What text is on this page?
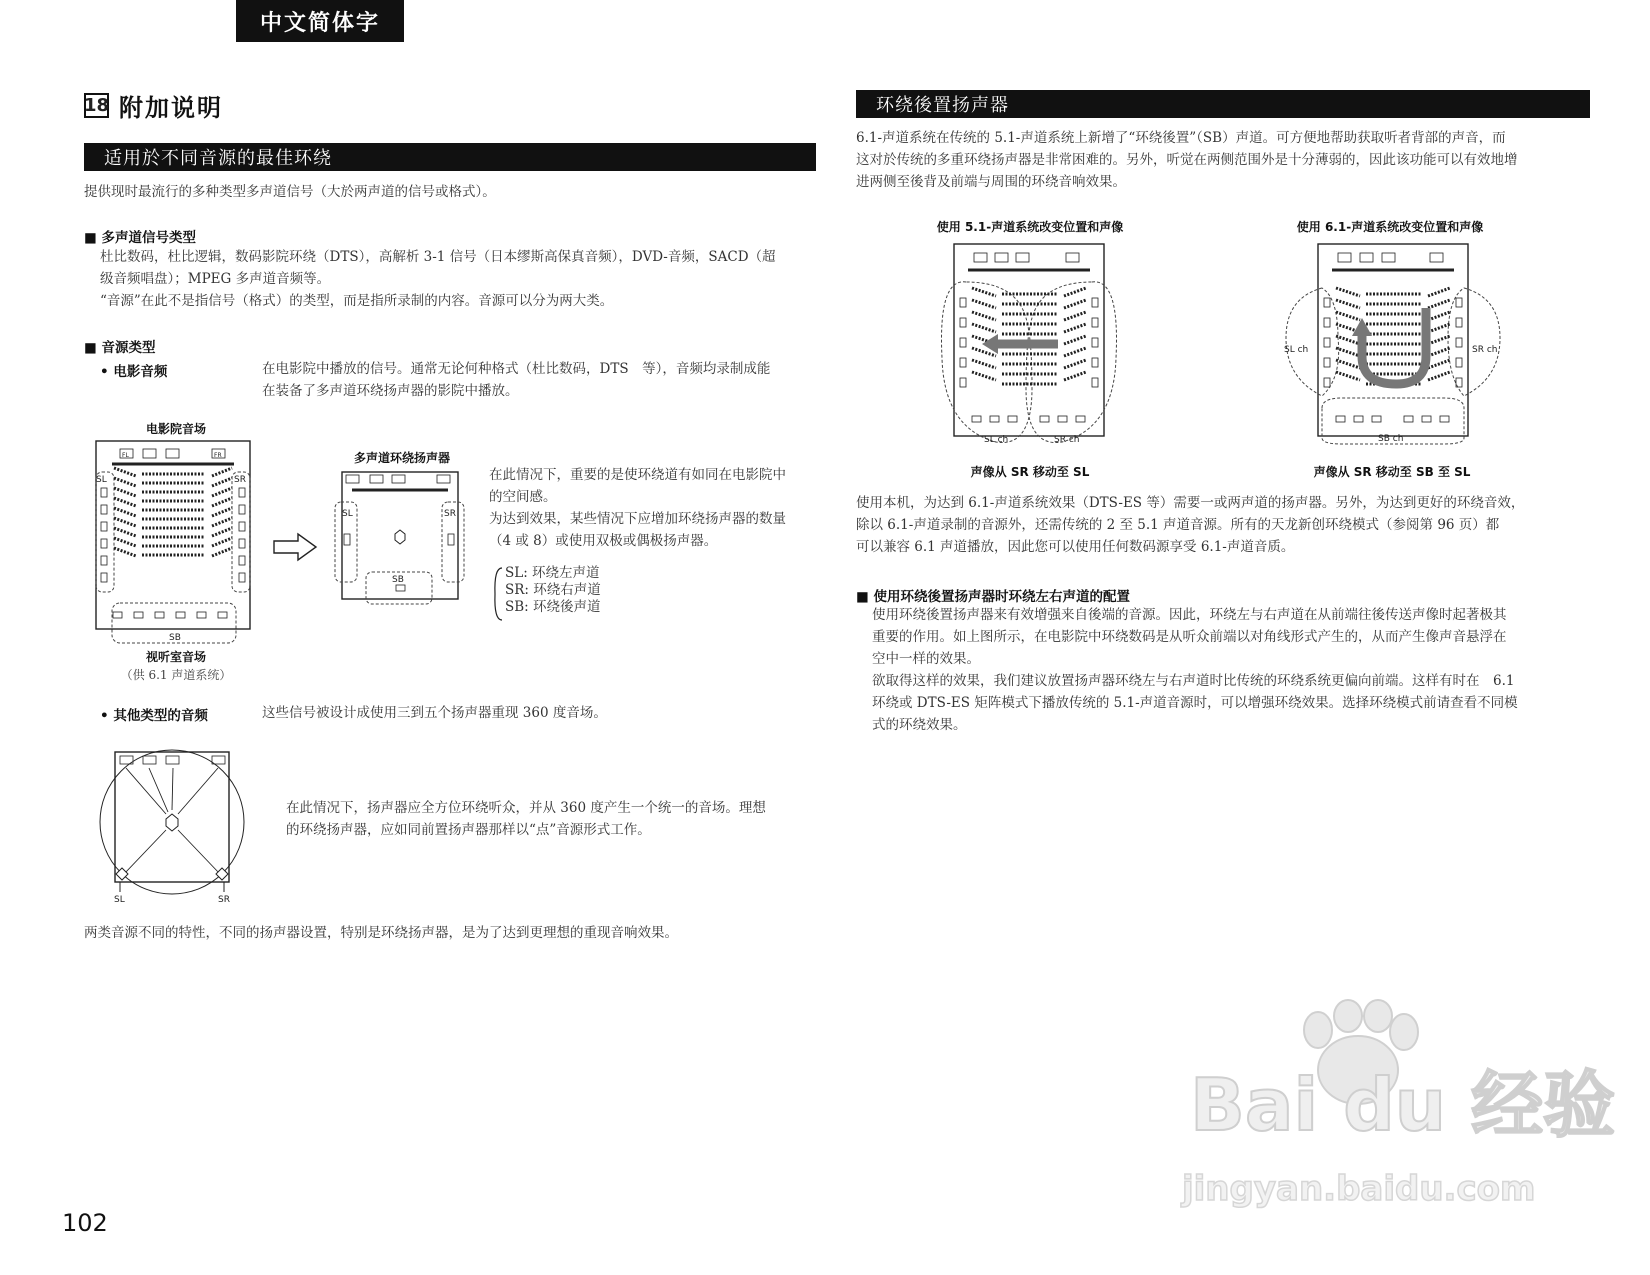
中文简体字
18 附加说明
适用於不同音源的最佳环绕
提供现时最流行的多种类型多声道信号（大於两声道的信号或格式）。
■ 多声道信号类型
杜比数码，杜比逻辑，数码影院环绕（DTS），高解析 3-1 信号（日本缪斯高保真音频），DVD-音频，SACD（超
级音频唱盘）；MPEG 多声道音频等。
“音源”在此不是指信号（格式）的类型，而是指所录制的内容。音源可以分为两大类。
■ 音源类型
• 电影音频	在电影院中播放的信号。通常无论何种格式（杜比数码，DTS　等），音频均录制成能
在装备了多声道环绕扬声器的影院中播放。
电影院音场
FL	FR
SL	SR
SB
视听室音场
（供 6.1 声道系统）
多声道环绕扬声器
SL	SR
SB
在此情况下，重要的是使环绕道有如同在电影院中
的空间感。
为达到效果，某些情况下应增加环绕扬声器的数量
（4 或 8）或使用双极或偶极扬声器。
SL: 环绕左声道
SR: 环绕右声道
SB: 环绕後声道
• 其他类型的音频	这些信号被设计成使用三到五个扬声器重现 360 度音场。
SL	SR
在此情况下，扬声器应全方位环绕听众，并从 360 度产生一个统一的音场。理想
的环绕扬声器，应如同前置扬声器那样以“点”音源形式工作。
两类音源不同的特性，不同的扬声器设置，特别是环绕扬声器，是为了达到更理想的重现音响效果。
环绕後置扬声器
6.1-声道系统在传统的 5.1-声道系统上新增了“环绕後置”（SB）声道。可方便地帮助获取听者背部的声音，而
这对於传统的多重环绕扬声器是非常困难的。另外，听觉在两侧范围外是十分薄弱的，因此该功能可以有效地增
进两侧至後背及前端与周围的环绕音响效果。
使用 5.1-声道系统改变位置和声像	使用 6.1-声道系统改变位置和声像
SL ch	SR ch
SL ch	SR ch
SB ch
声像从 SR 移动至 SL	声像从 SR 移动至 SB 至 SL
使用本机，为达到 6.1-声道系统效果（DTS-ES 等）需要一或两声道的扬声器。另外，为达到更好的环绕音效，
除以 6.1-声道录制的音源外，还需传统的 2 至 5.1 声道音源。所有的天龙新创环绕模式（参阅第 96 页）都
可以兼容 6.1 声道播放，因此您可以使用任何数码源享受 6.1-声道音质。
■ 使用环绕後置扬声器时环绕左右声道的配置
使用环绕後置扬声器来有效增强来自後端的音源。因此，环绕左与右声道在从前端往後传送声像时起著极其
重要的作用。如上图所示，在电影院中环绕数码是从听众前端以对角线形式产生的，从而产生像声音悬浮在
空中一样的效果。
欲取得这样的效果，我们建议放置扬声器环绕左与右声道时比传统的环绕系统更偏向前端。这样有时在　6.1
环绕或 DTS-ES 矩阵模式下播放传统的 5.1-声道音源时，可以增强环绕效果。选择环绕模式前请查看不同模
式的环绕效果。
Bai du 经验
jingyan.baidu.com
102
